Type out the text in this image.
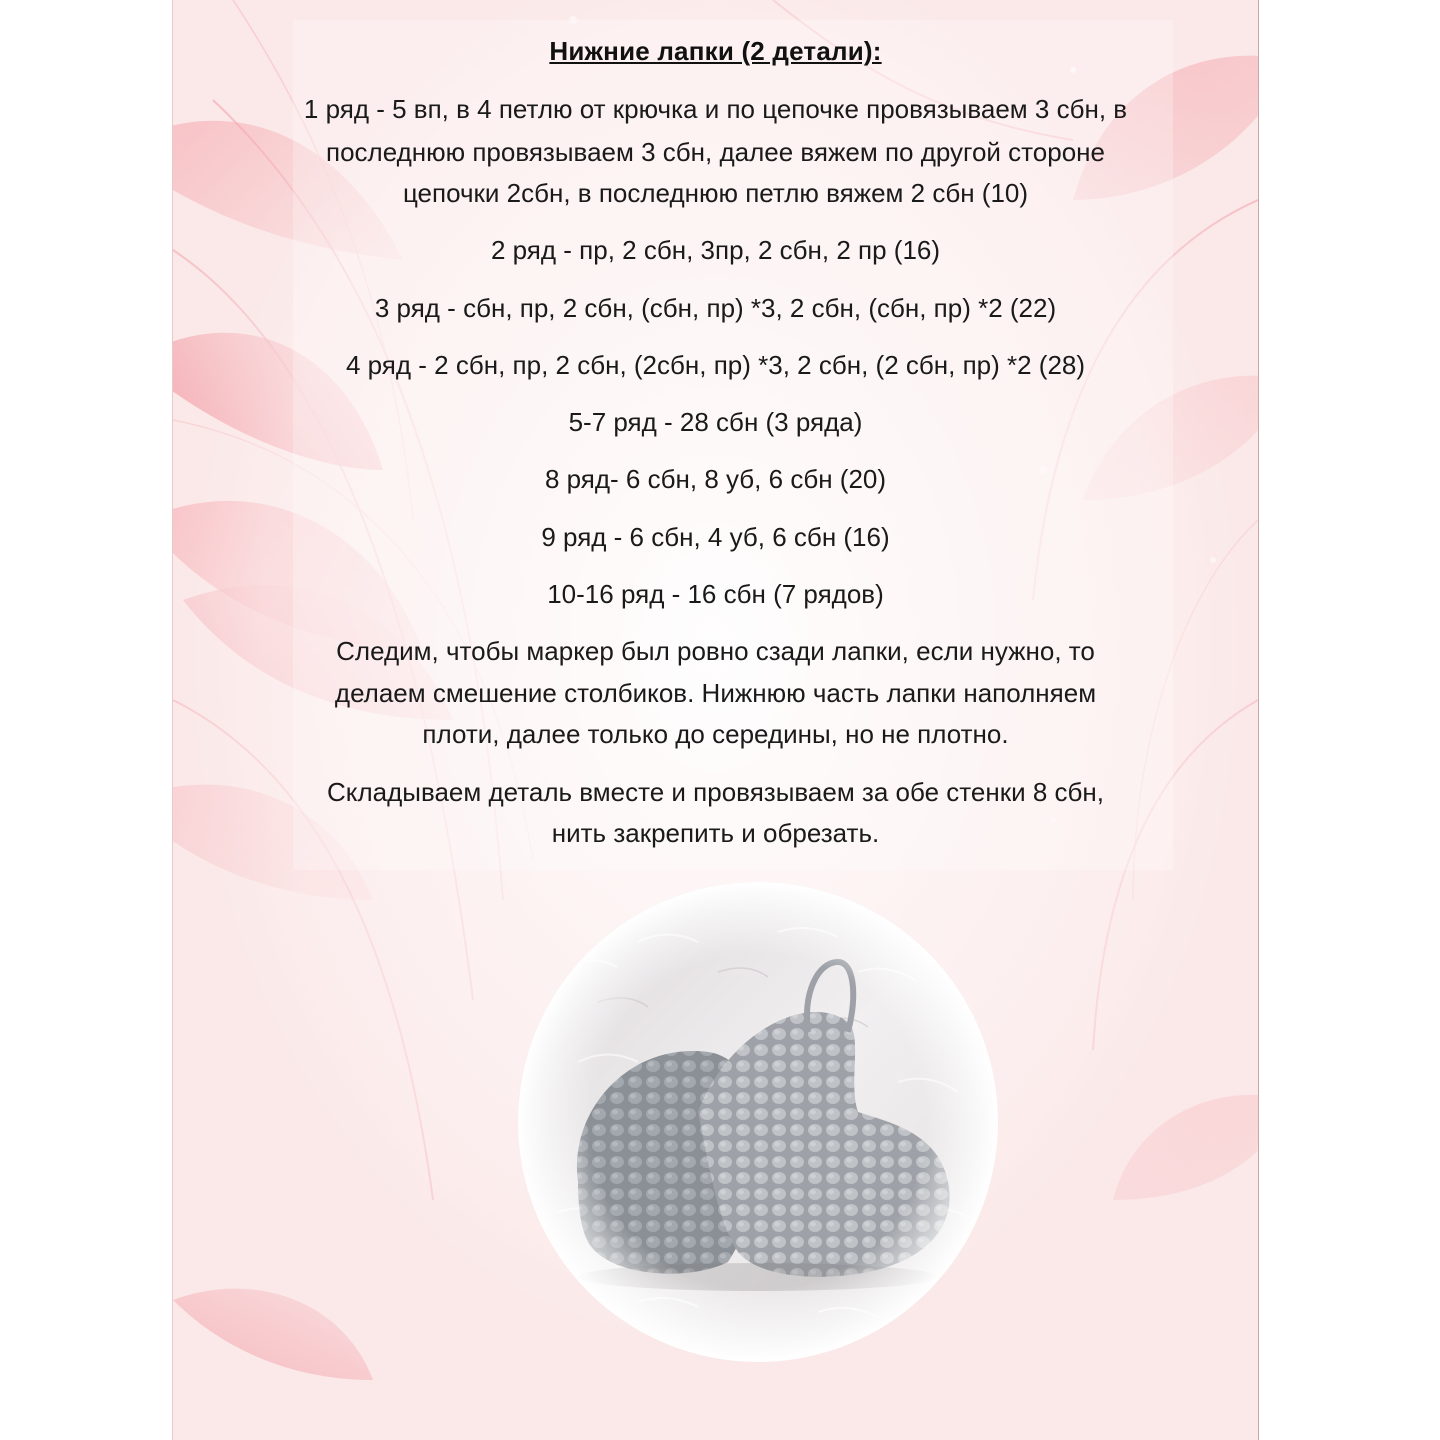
Нижние лапки (2 детали):
1 ряд - 5 вп, в 4 петлю от крючка и по цепочке провязываем 3 сбн, в
последнюю провязываем 3 сбн, далее вяжем по другой стороне
цепочки 2сбн, в последнюю петлю вяжем 2 сбн (10)
2 ряд - пр, 2 сбн, 3пр, 2 сбн, 2 пр (16)
3 ряд - сбн, пр, 2 сбн, (сбн, пр) *3, 2 сбн, (сбн, пр) *2 (22)
4 ряд - 2 сбн, пр, 2 сбн, (2сбн, пр) *3, 2 сбн, (2 сбн, пр) *2 (28)
5-7 ряд - 28 сбн (3 ряда)
8 ряд- 6 сбн, 8 уб, 6 сбн (20)
9 ряд - 6 сбн, 4 уб, 6 сбн (16)
10-16 ряд - 16 сбн (7 рядов)
Следим, чтобы маркер был ровно сзади лапки, если нужно, то
делаем смешение столбиков. Нижнюю часть лапки наполняем
плоти, далее только до середины, но не плотно.
Складываем деталь вместе и провязываем за обе стенки 8 сбн,
нить закрепить и обрезать.
